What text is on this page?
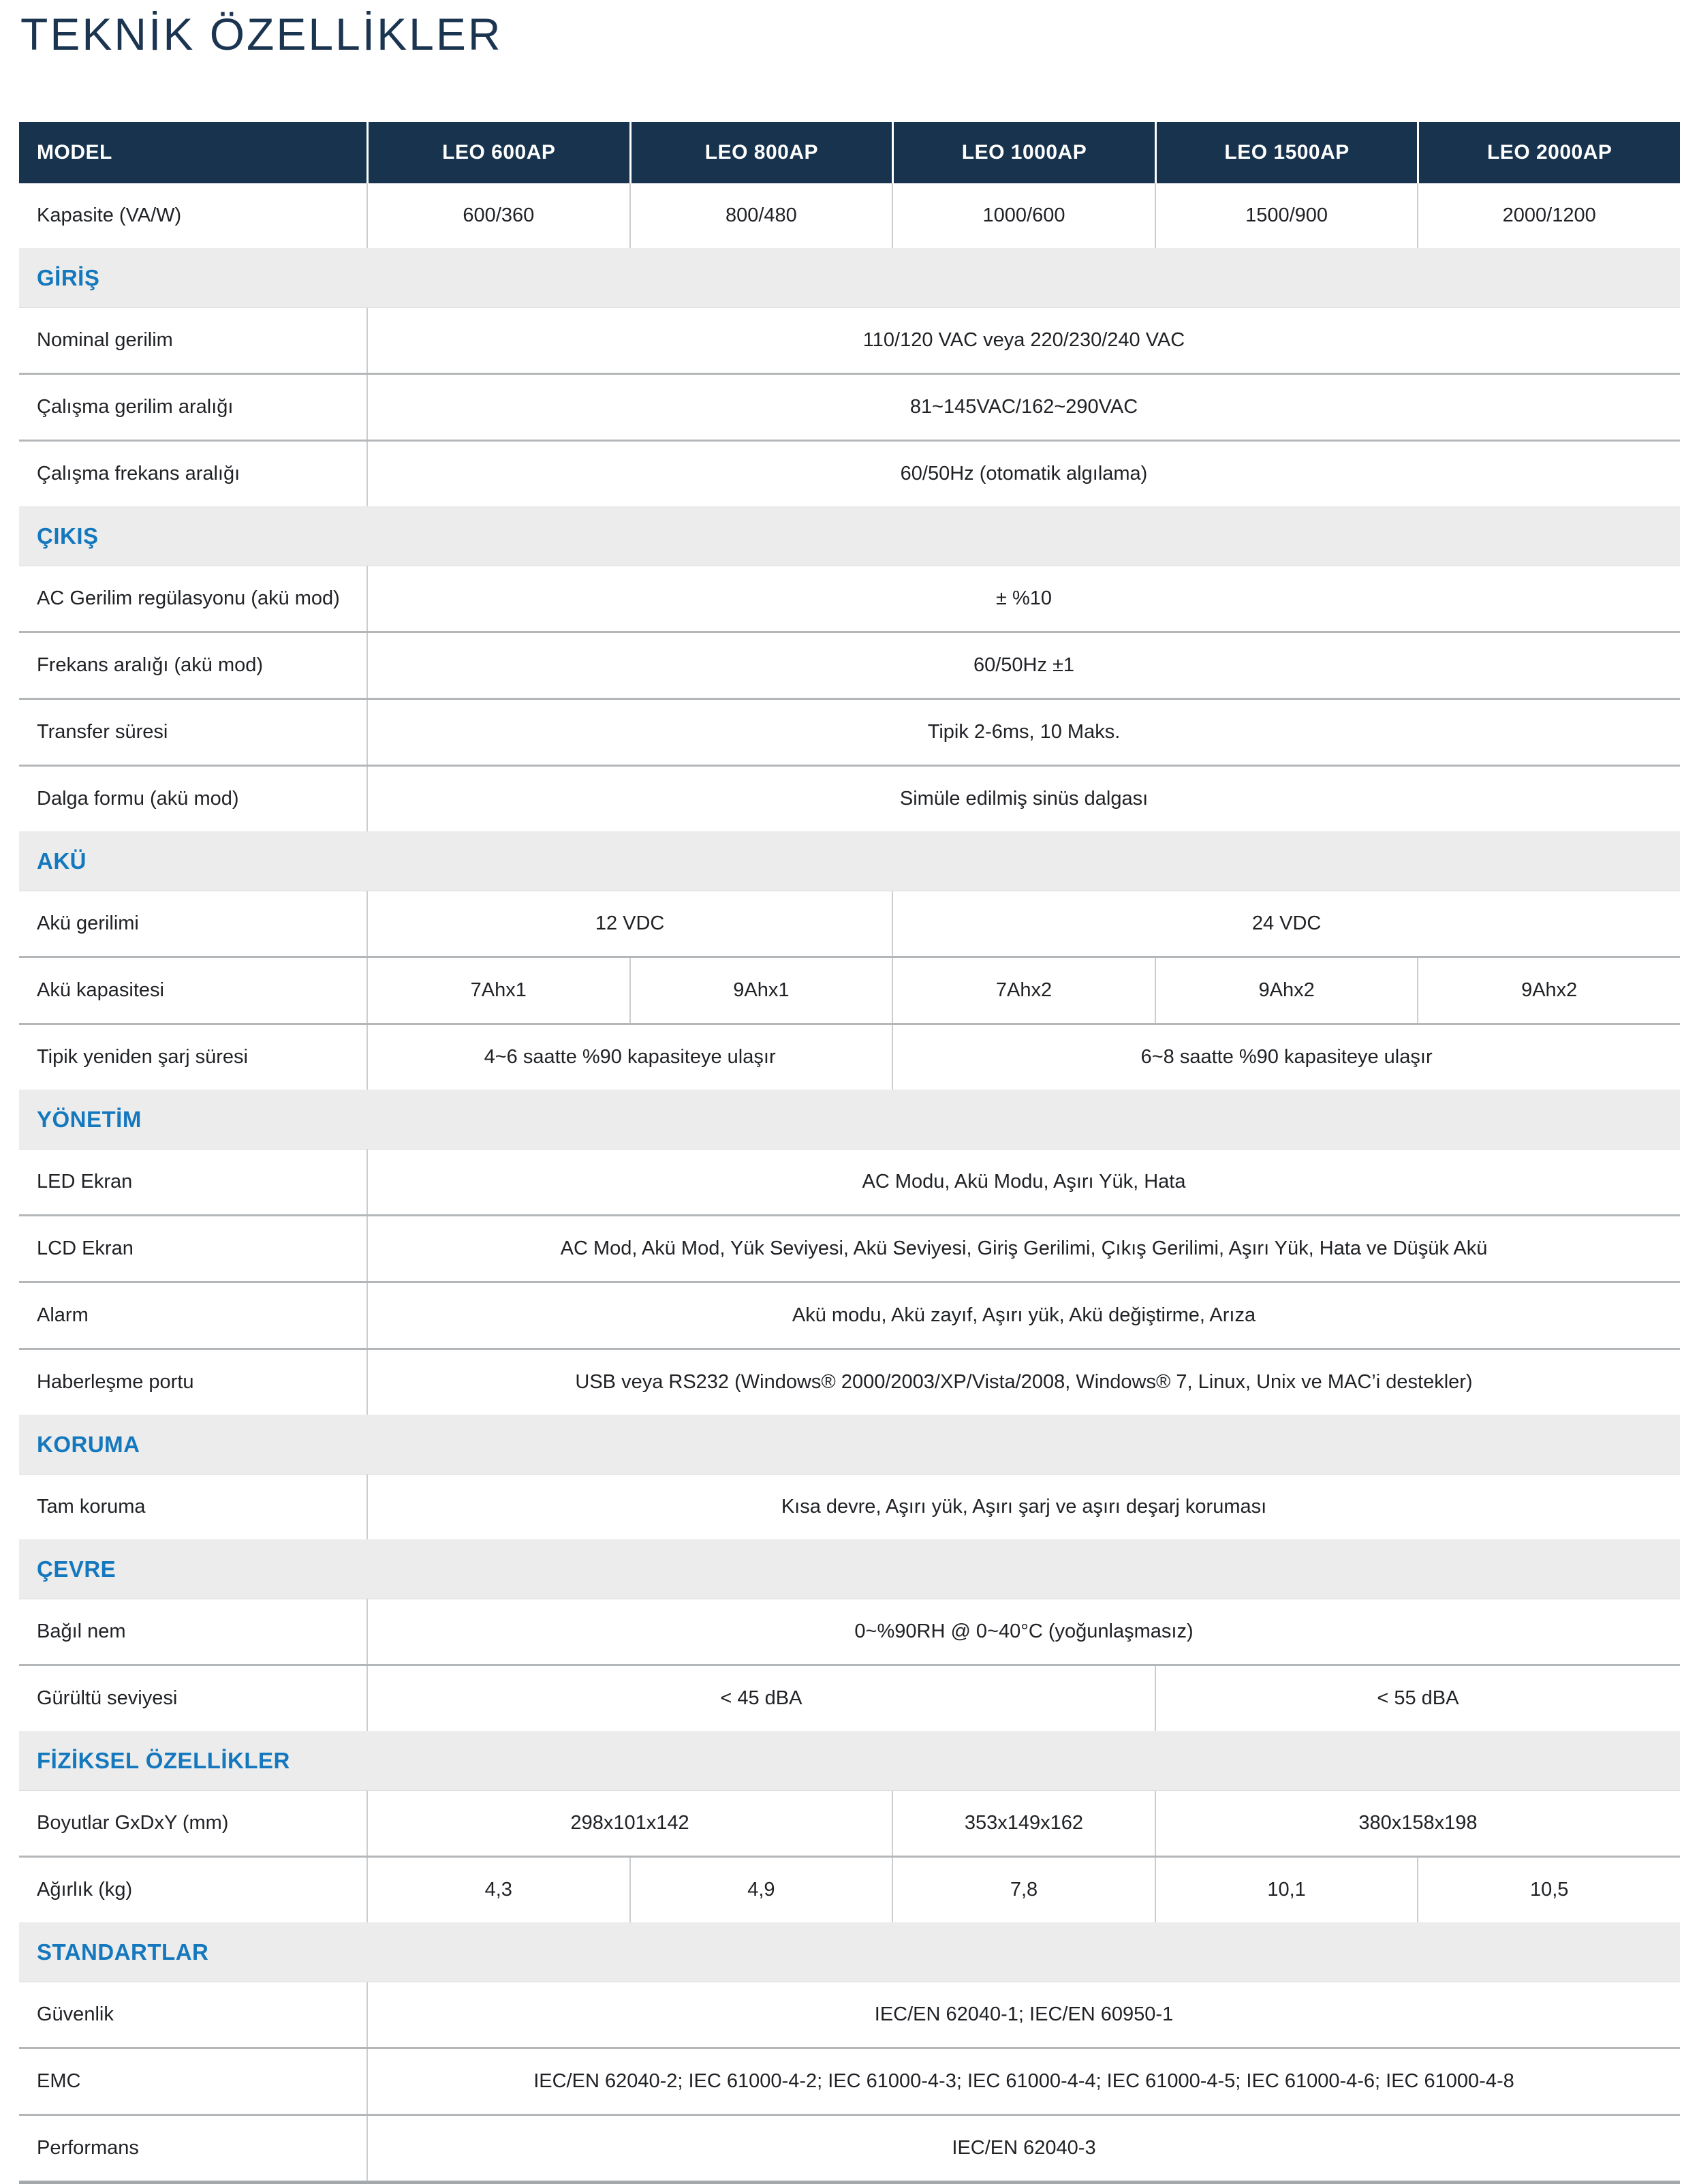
TEKNİK ÖZELLİKLER
MODEL	LEO 600AP	LEO 800AP	LEO 1000AP	LEO 1500AP	LEO 2000AP
Kapasite (VA/W)	600/360	800/480	1000/600	1500/900	2000/1200
GİRİŞ
Nominal gerilim	110/120 VAC veya 220/230/240 VAC
Çalışma gerilim aralığı	81~145VAC/162~290VAC
Çalışma frekans aralığı	60/50Hz (otomatik algılama)
ÇIKIŞ
AC Gerilim regülasyonu (akü mod)	± %10
Frekans aralığı (akü mod)	60/50Hz ±1
Transfer süresi	Tipik 2-6ms, 10 Maks.
Dalga formu (akü mod)	Simüle edilmiş sinüs dalgası
AKÜ
Akü gerilimi	12 VDC	24 VDC
Akü kapasitesi	7Ahx1	9Ahx1	7Ahx2	9Ahx2	9Ahx2
Tipik yeniden şarj süresi	4~6 saatte %90 kapasiteye ulaşır	6~8 saatte %90 kapasiteye ulaşır
YÖNETİM
LED Ekran	AC Modu, Akü Modu, Aşırı Yük, Hata
LCD Ekran	AC Mod, Akü Mod, Yük Seviyesi, Akü Seviyesi, Giriş Gerilimi, Çıkış Gerilimi, Aşırı Yük, Hata ve Düşük Akü
Alarm	Akü modu, Akü zayıf, Aşırı yük, Akü değiştirme, Arıza
Haberleşme portu	USB veya RS232 (Windows® 2000/2003/XP/Vista/2008, Windows® 7, Linux, Unix ve MAC’i destekler)
KORUMA
Tam koruma	Kısa devre, Aşırı yük, Aşırı şarj ve aşırı deşarj koruması
ÇEVRE
Bağıl nem	0~%90RH @ 0~40°C (yoğunlaşmasız)
Gürültü seviyesi	< 45 dBA	< 55 dBA
FİZİKSEL ÖZELLİKLER
Boyutlar GxDxY (mm)	298x101x142	353x149x162	380x158x198
Ağırlık (kg)	4,3	4,9	7,8	10,1	10,5
STANDARTLAR
Güvenlik	IEC/EN 62040-1; IEC/EN 60950-1
EMC	IEC/EN 62040-2; IEC 61000-4-2; IEC 61000-4-3; IEC 61000-4-4; IEC 61000-4-5; IEC 61000-4-6; IEC 61000-4-8
Performans	IEC/EN 62040-3
